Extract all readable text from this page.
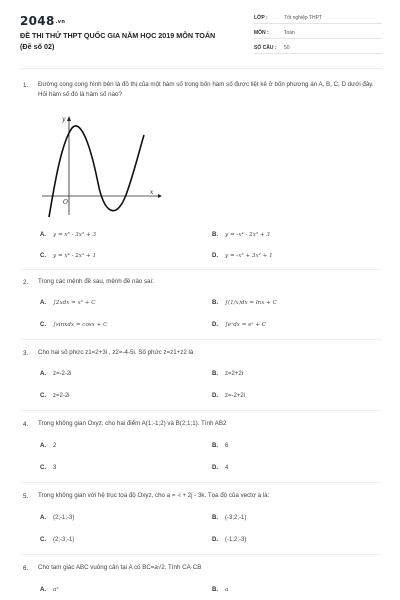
2048.vn
ĐỀ THI THỬ THPT QUỐC GIA NĂM HỌC 2019 MÔN TOÁN
(Đề số 02)
LỚP :	Tốt nghiệp THPT
MÔN :	Toán
SỐ CÂU : 50
1. Đường cong cong hình bên là đồ thị của một hàm số trong bốn hàm số được liệt kê ở bốn phương án A, B, C, D dưới đây. Hỏi hàm số đó là hàm số nào?
y
x
O
A. y = x³ - 3x² + 3	B. y = -x⁴ - 2x² + 3
C. y = x⁴ - 2x² + 1	D. y = -x³ + 3x² + 1
2. Trong các mệnh đề sau, mệnh đề nào sai:
A. ∫2xdx = x² + C	B. ∫(1/x)dx = lnx + C
C. ∫sinxdx = cosx + C	D. ∫eˣdx = eˣ + C
3. Cho hai số phức z1=2+3i , z2=-4-5i. Số phức z=z1+z2 là
A. z=-2-2i	B. z=2+2i
C. z=2-2i	D. z=-2+2i
4. Trong không gian Oxyz, cho hai điểm A(1;-1;2) và B(2;1;1). Tính AB2
A. 2	B. 6
C. 3	D. 4
5. Trong không gian với hệ trục tọa độ Oxyz, cho a = -i + 2j - 3k. Tọa độ của vectơ a là:
A. (2;-1;-3)	B. (-3;2;-1)
C. (2;-3;-1)	D. (-1;2;-3)
6. Cho tam giác ABC vuông cân tại A có BC=a√2. Tính CA·CB
A. a²	B. a
